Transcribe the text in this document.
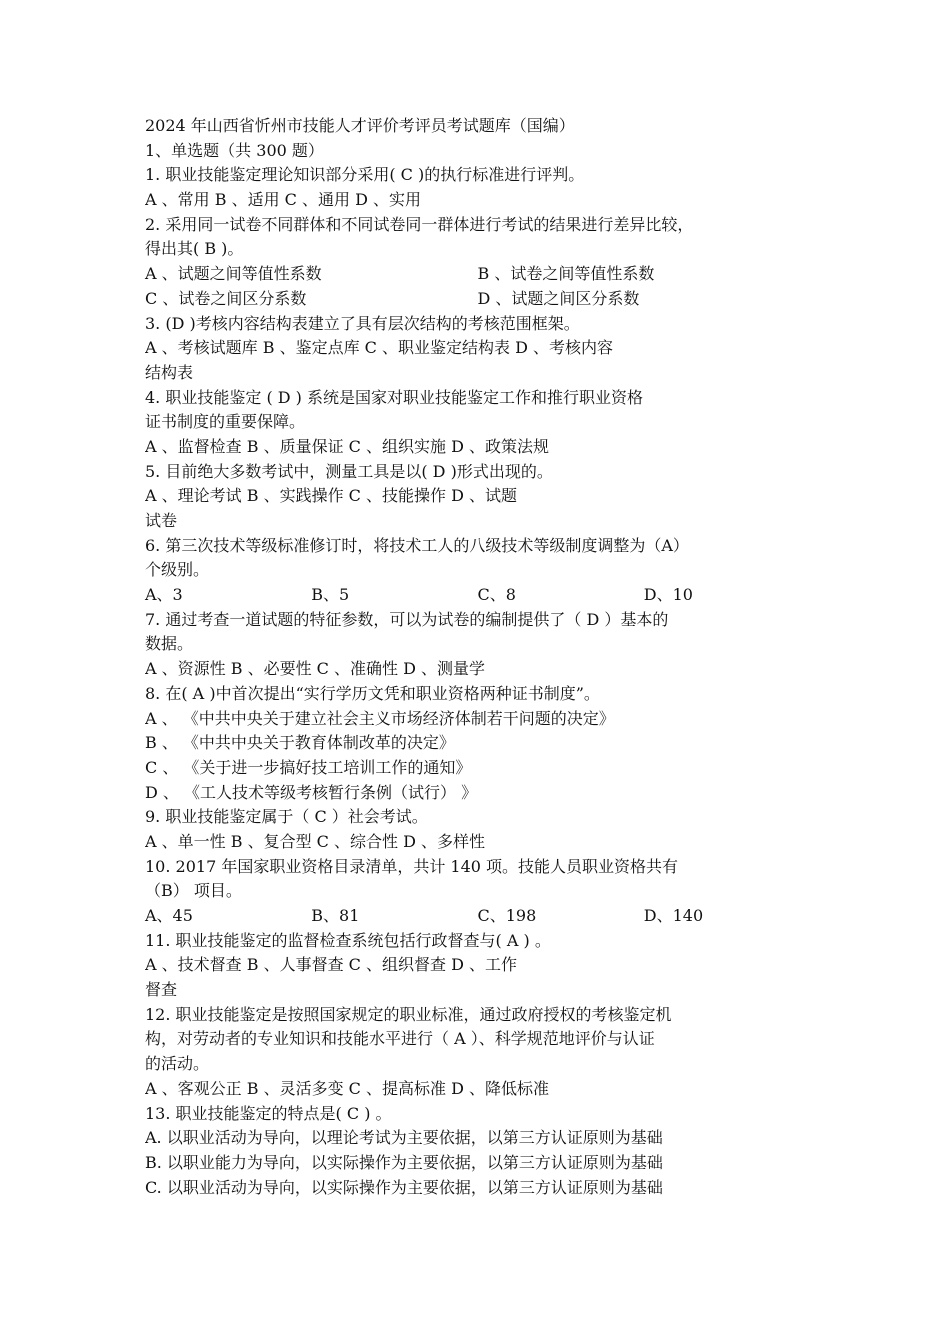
2024 年山西省忻州市技能人才评价考评员考试题库（国编）
1、单选题（共 300 题）
1. 职业技能鉴定理论知识部分采用( C )的执行标准进行评判。
A 、常用 B 、适用 C 、通用 D 、实用
2. 采用同一试卷不同群体和不同试卷同一群体进行考试的结果进行差异比较，
得出其( B )。
A 、试题之间等值性系数	B 、试卷之间等值性系数
C 、试卷之间区分系数	D 、试题之间区分系数
3. (D )考核内容结构表建立了具有层次结构的考核范围框架。
A 、考核试题库 B 、鉴定点库 C 、职业鉴定结构表 D 、考核内容
结构表
4. 职业技能鉴定 ( D ) 系统是国家对职业技能鉴定工作和推行职业资格
证书制度的重要保障。
A 、监督检查 B 、质量保证 C 、组织实施 D 、政策法规
5. 目前绝大多数考试中，测量工具是以( D )形式出现的。
A 、理论考试 B 、实践操作 C 、技能操作 D 、试题
试卷
6. 第三次技术等级标准修订时，将技术工人的八级技术等级制度调整为（A）
个级别。
A、3	B、5	C、8	D、10
7. 通过考查一道试题的特征参数，可以为试卷的编制提供了（ D ）基本的
数据。
A 、资源性 B 、必要性 C 、准确性 D 、测量学
8. 在( A )中首次提出“实行学历文凭和职业资格两种证书制度”。
A 、 《中共中央关于建立社会主义市场经济体制若干问题的决定》
B 、 《中共中央关于教育体制改革的决定》
C 、 《关于进一步搞好技工培训工作的通知》
D 、 《工人技术等级考核暂行条例（试行） 》
9. 职业技能鉴定属于（ C ）社会考试。
A 、单一性 B 、复合型 C 、综合性 D 、多样性
10. 2017 年国家职业资格目录清单，共计 140 项。技能人员职业资格共有
（B） 项目。
A、45	B、81	C、198	D、140
11. 职业技能鉴定的监督检查系统包括行政督查与( A ) 。
A 、技术督查 B 、人事督查 C 、组织督查 D 、工作
督查
12. 职业技能鉴定是按照国家规定的职业标准，通过政府授权的考核鉴定机
构，对劳动者的专业知识和技能水平进行（ A ）、科学规范地评价与认证
的活动。
A 、客观公正 B 、灵活多变 C 、提高标准 D 、降低标准
13. 职业技能鉴定的特点是( C ) 。
A. 以职业活动为导向，以理论考试为主要依据，以第三方认证原则为基础
B. 以职业能力为导向，以实际操作为主要依据，以第三方认证原则为基础
C. 以职业活动为导向，以实际操作为主要依据，以第三方认证原则为基础
